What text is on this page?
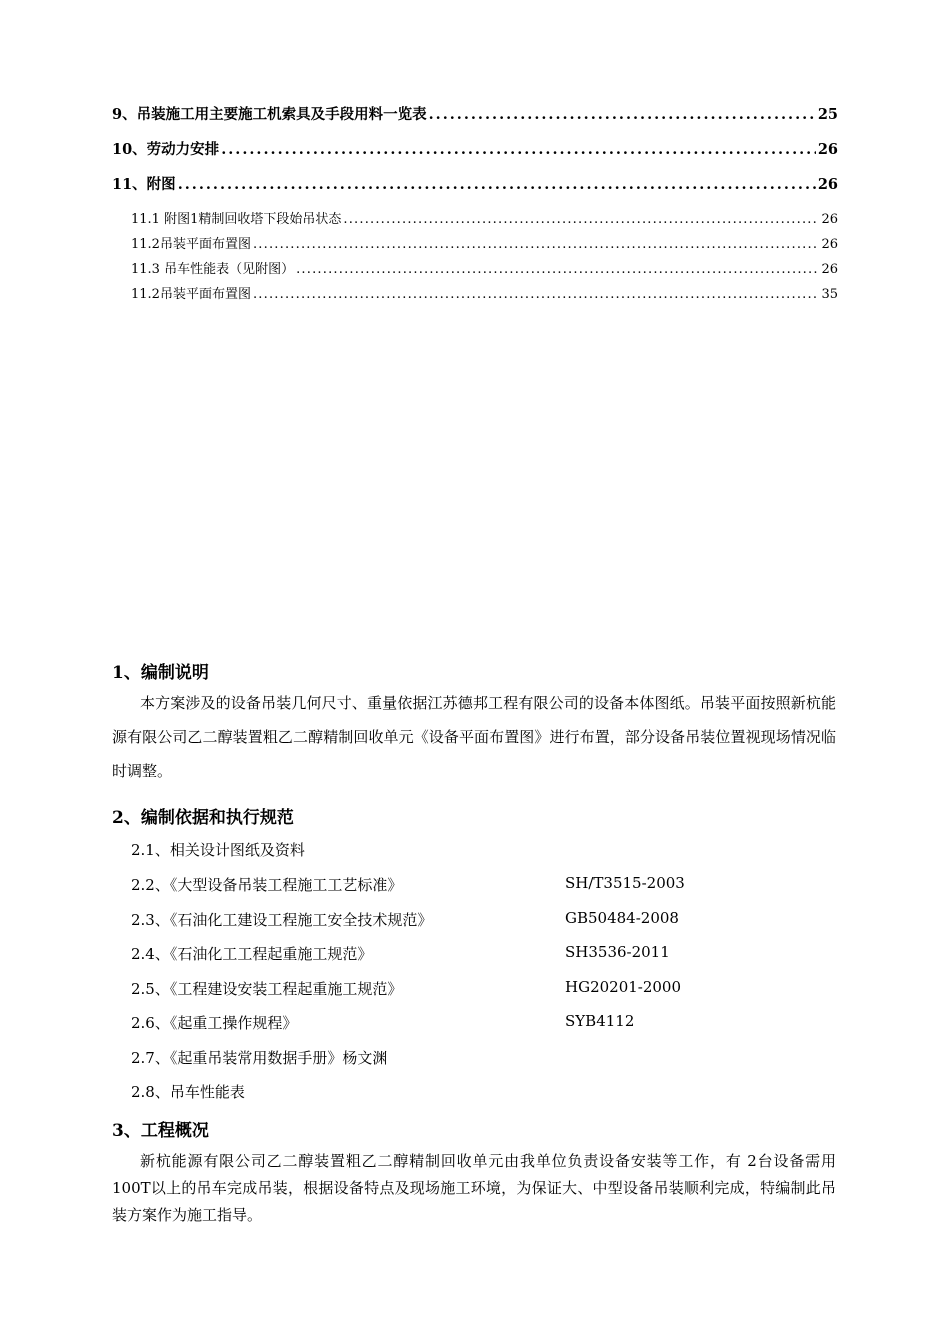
9、吊装施工用主要施工机索具及手段用料一览表 .....	25
10、劳动力安排 .....	26
11、附图 .....	26
11.1 附图1精制回收塔下段始吊状态 .....	26
11.2吊装平面布置图 .....	26
11.3 吊车性能表（见附图） .....	26
11.2吊装平面布置图 .....	35
1、编制说明

本方案涉及的设备吊装几何尺寸、重量依据江苏德邦工程有限公司的设备本体图纸。吊装平面按照新杭能源有限公司乙二醇装置粗乙二醇精制回收单元《设备平面布置图》进行布置，部分设备吊装位置视现场情况临时调整。

2、编制依据和执行规范
2.1、相关设计图纸及资料
2.2、《大型设备吊装工程施工工艺标准》	SH/T3515-2003
2.3、《石油化工建设工程施工安全技术规范》	GB50484-2008
2.4、《石油化工工程起重施工规范》	SH3536-2011
2.5、《工程建设安装工程起重施工规范》	HG20201-2000
2.6、《起重工操作规程》	SYB4112
2.7、《起重吊装常用数据手册》杨文渊
2.8、吊车性能表
3、工程概况

新杭能源有限公司乙二醇装置粗乙二醇精制回收单元由我单位负责设备安装等工作，有 2台设备需用100T以上的吊车完成吊装，根据设备特点及现场施工环境，为保证大、中型设备吊装顺利完成，特编制此吊装方案作为施工指导。
